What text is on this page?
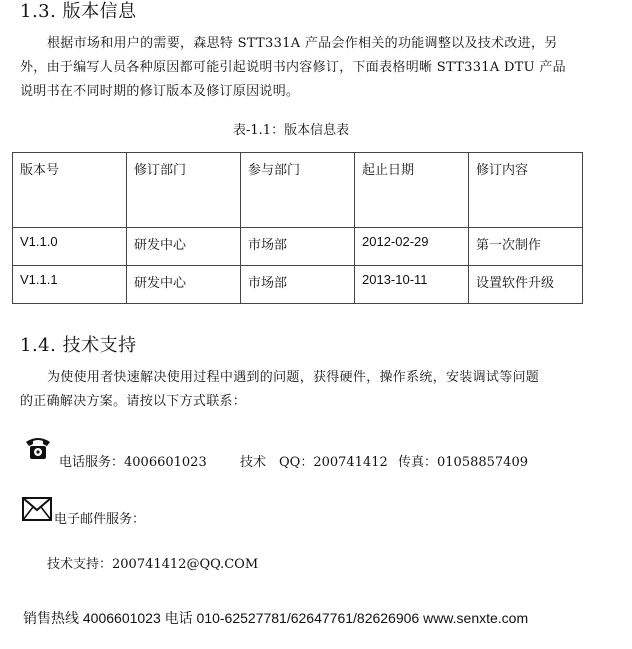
1.3. 版本信息
根据市场和用户的需要，森思特 STT331A 产品会作相关的功能调整以及技术改进，另
外，由于编写人员各种原因都可能引起说明书内容修订，下面表格明晰 STT331A DTU 产品
说明书在不同时期的修订版本及修订原因说明。
表-1.1：版本信息表
版本号	修订部门	参与部门	起止日期	修订内容
V1.1.0	研发中心	市场部	2012-02-29	第一次制作
V1.1.1	研发中心	市场部	2013-10-11	设置软件升级
1.4. 技术支持
为使使用者快速解决使用过程中遇到的问题，获得硬件，操作系统，安装调试等问题
的正确解决方案。请按以下方式联系：
电话服务：4006601023	技术　QQ：200741412 传真：01058857409
电子邮件服务：
技术支持：200741412@QQ.COM
销售热线 4006601023 电话 010-62527781/62647761/82626906 www.senxte.com
